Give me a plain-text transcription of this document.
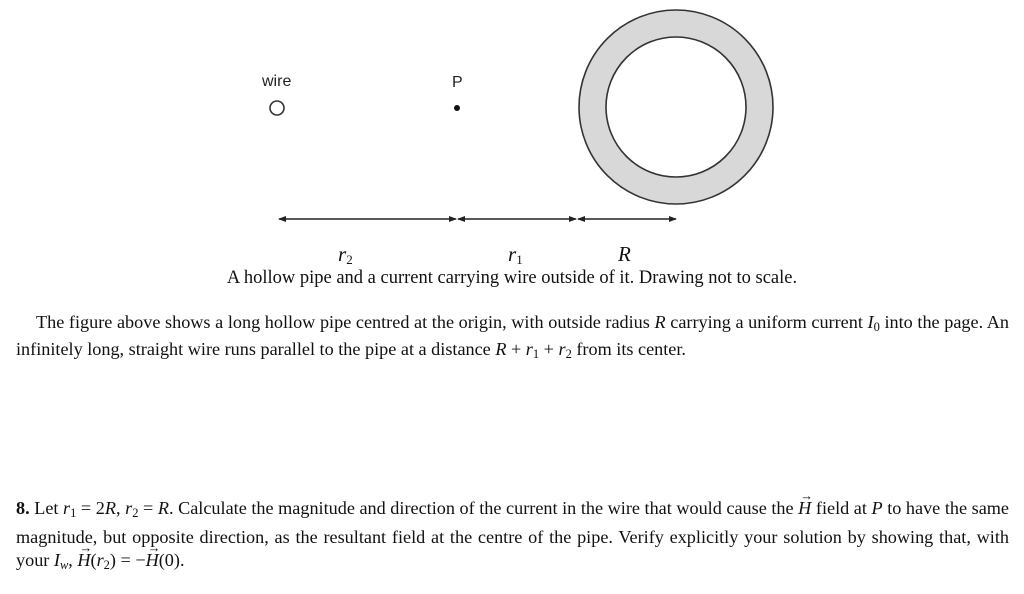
wire	P
$r_2$	$r_1$	R
A hollow pipe and a current carrying wire outside of it. Drawing not to scale.

The figure above shows a long hollow pipe centred at the origin, with outside radius R carrying a uniform current $I_0$ into the page. An infinitely long, straight wire runs parallel to the pipe at a distance $R + r_1 + r_2$ from its center.

8. Let $r_1 = 2R$, $r_2 = R$. Calculate the magnitude and direction of the current in the wire that would cause the → H field at P to have the same magnitude, but opposite direction, as the resultant field at the centre of the pipe. Verify explicitly your solution by showing that, with your $I_w$, → $H(r_2)$ = −→ H(0).
